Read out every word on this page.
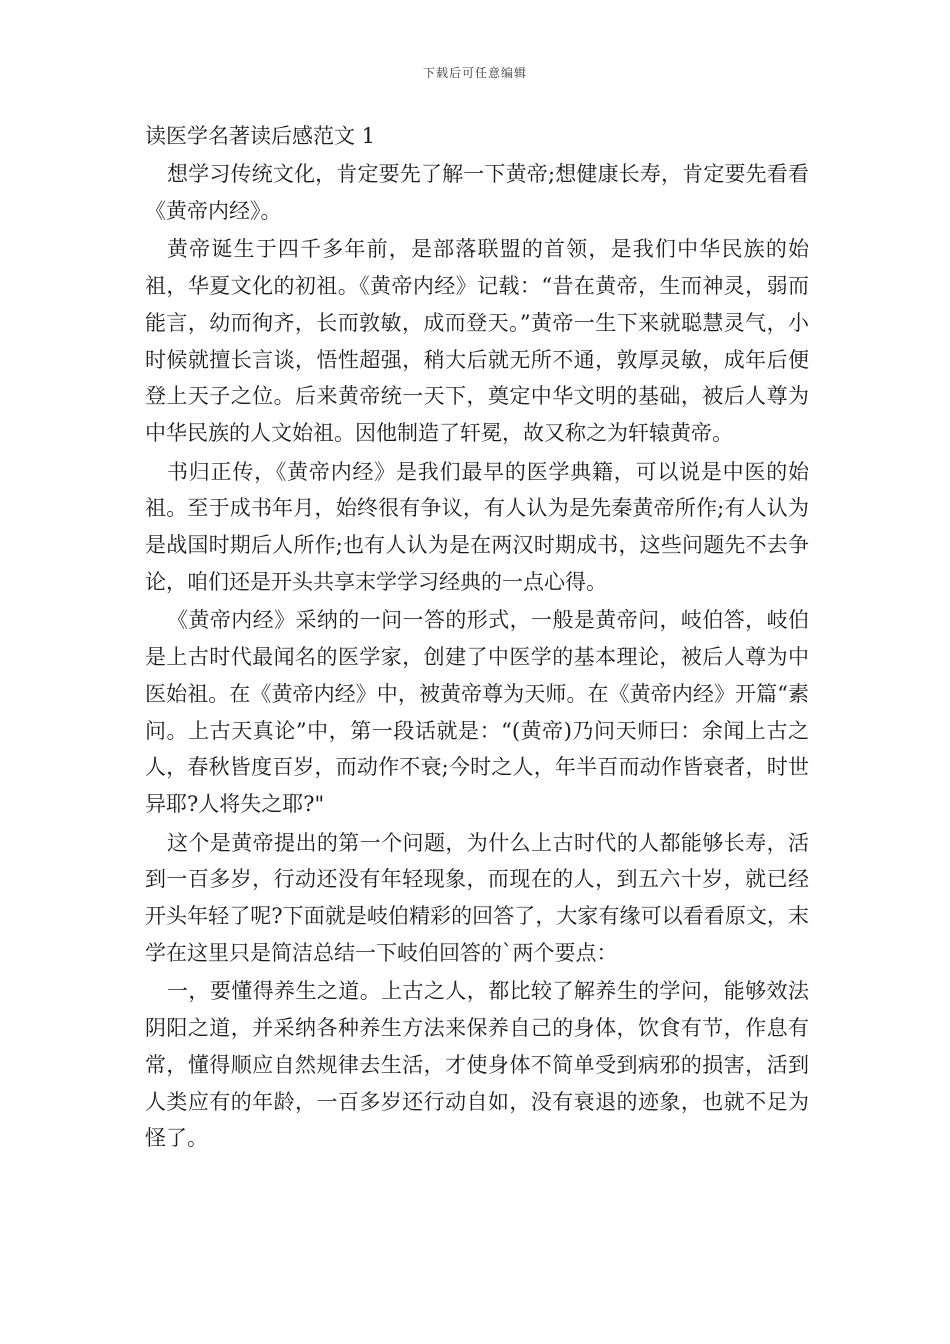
下载后可任意编辑
读医学名著读后感范文 1

想学习传统文化，肯定要先了解一下黄帝;想健康长寿，肯定要先看看《黄帝内经》。

黄帝诞生于四千多年前，是部落联盟的首领，是我们中华民族的始祖，华夏文化的初祖。《黄帝内经》记载：“昔在黄帝，生而神灵，弱而能言，幼而徇齐，长而敦敏，成而登天。”黄帝一生下来就聪慧灵气，小时候就擅长言谈，悟性超强，稍大后就无所不通，敦厚灵敏，成年后便登上天子之位。后来黄帝统一天下，奠定中华文明的基础，被后人尊为中华民族的人文始祖。因他制造了轩冕，故又称之为轩辕黄帝。

书归正传，《黄帝内经》是我们最早的医学典籍，可以说是中医的始祖。至于成书年月，始终很有争议，有人认为是先秦黄帝所作;有人认为是战国时期后人所作;也有人认为是在两汉时期成书，这些问题先不去争论，咱们还是开头共享末学学习经典的一点心得。

《黄帝内经》采纳的一问一答的形式，一般是黄帝问，岐伯答，岐伯是上古时代最闻名的医学家，创建了中医学的基本理论，被后人尊为中医始祖。在《黄帝内经》中，被黄帝尊为天师。在《黄帝内经》开篇“素问。上古天真论”中，第一段话就是：“(黄帝)乃问天师曰：余闻上古之人，春秋皆度百岁，而动作不衰;今时之人，年半百而动作皆衰者，时世异耶?人将失之耶?"

这个是黄帝提出的第一个问题，为什么上古时代的人都能够长寿，活到一百多岁，行动还没有年轻现象，而现在的人，到五六十岁，就已经开头年轻了呢?下面就是岐伯精彩的回答了，大家有缘可以看看原文，末学在这里只是简洁总结一下岐伯回答的`两个要点：

一，要懂得养生之道。上古之人，都比较了解养生的学问，能够效法阴阳之道，并采纳各种养生方法来保养自己的身体，饮食有节，作息有常，懂得顺应自然规律去生活，才使身体不简单受到病邪的损害，活到人类应有的年龄，一百多岁还行动自如，没有衰退的迹象，也就不足为怪了。
